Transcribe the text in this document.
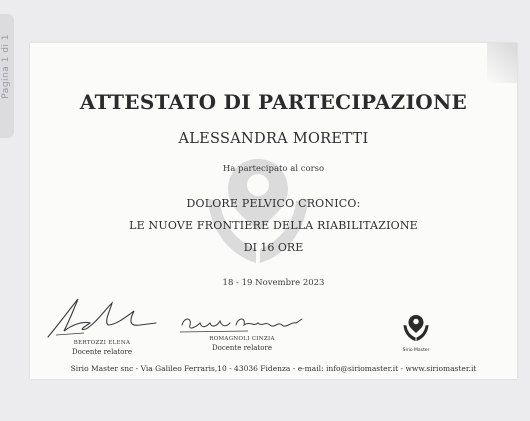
Pagina 1 di 1
ATTESTATO DI PARTECIPAZIONE
ALESSANDRA MORETTI
Ha partecipato al corso
DOLORE PELVICO CRONICO:
LE NUOVE FRONTIERE DELLA RIABILITAZIONE
DI 16 ORE
18 - 19 Novembre 2023
BERTOZZI ELENA
Docente relatore
ROMAGNOLI CINZIA
Docente relatore	Sirio Master
Sirio Master snc - Via Galileo Ferraris,10 - 43036 Fidenza - e-mail: info@siriomaster.it - www.siriomaster.it
